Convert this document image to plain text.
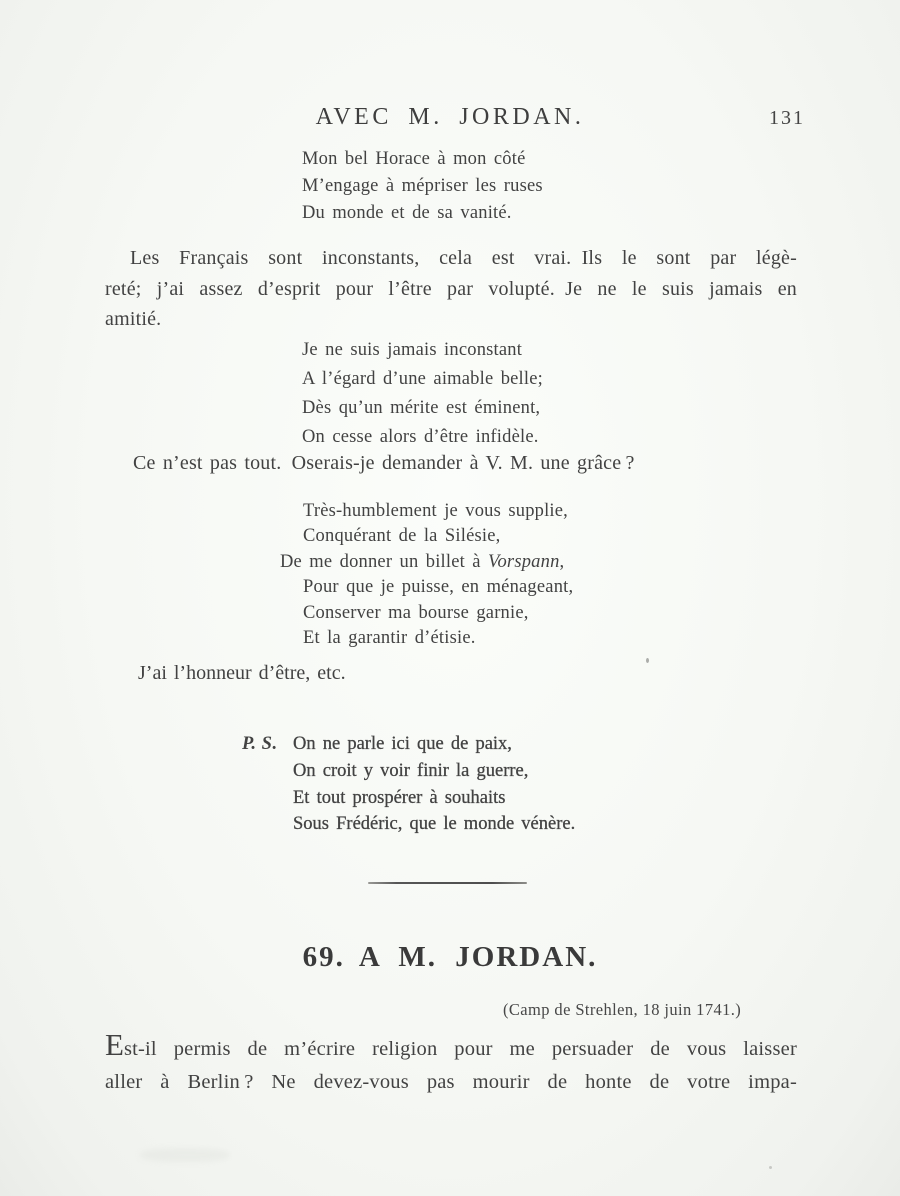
AVEC M. JORDAN.	131
Mon bel Horace à mon côté
M’engage à mépriser les ruses
Du monde et de sa vanité.
Les Français sont inconstants, cela est vrai. Ils le sont par légè-
reté; j’ai assez d’esprit pour l’être par volupté. Je ne le suis jamais en
amitié.
Je ne suis jamais inconstant
A l’égard d’une aimable belle;
Dès qu’un mérite est éminent,
On cesse alors d’être infidèle.
Ce n’est pas tout. Oserais-je demander à V. M. une grâce ?
Très-humblement je vous supplie,
Conquérant de la Silésie,
De me donner un billet à Vorspann,
Pour que je puisse, en ménageant,
Conserver ma bourse garnie,
Et la garantir d’étisie.
J’ai l’honneur d’être, etc.
P. S. On ne parle ici que de paix,
On croit y voir finir la guerre,
Et tout prospérer à souhaits
Sous Frédéric, que le monde vénère.
69. A M. JORDAN.
(Camp de Strehlen, 18 juin 1741.)
Est-il permis de m’écrire religion pour me persuader de vous laisser
aller à Berlin ? Ne devez-vous pas mourir de honte de votre impa-
